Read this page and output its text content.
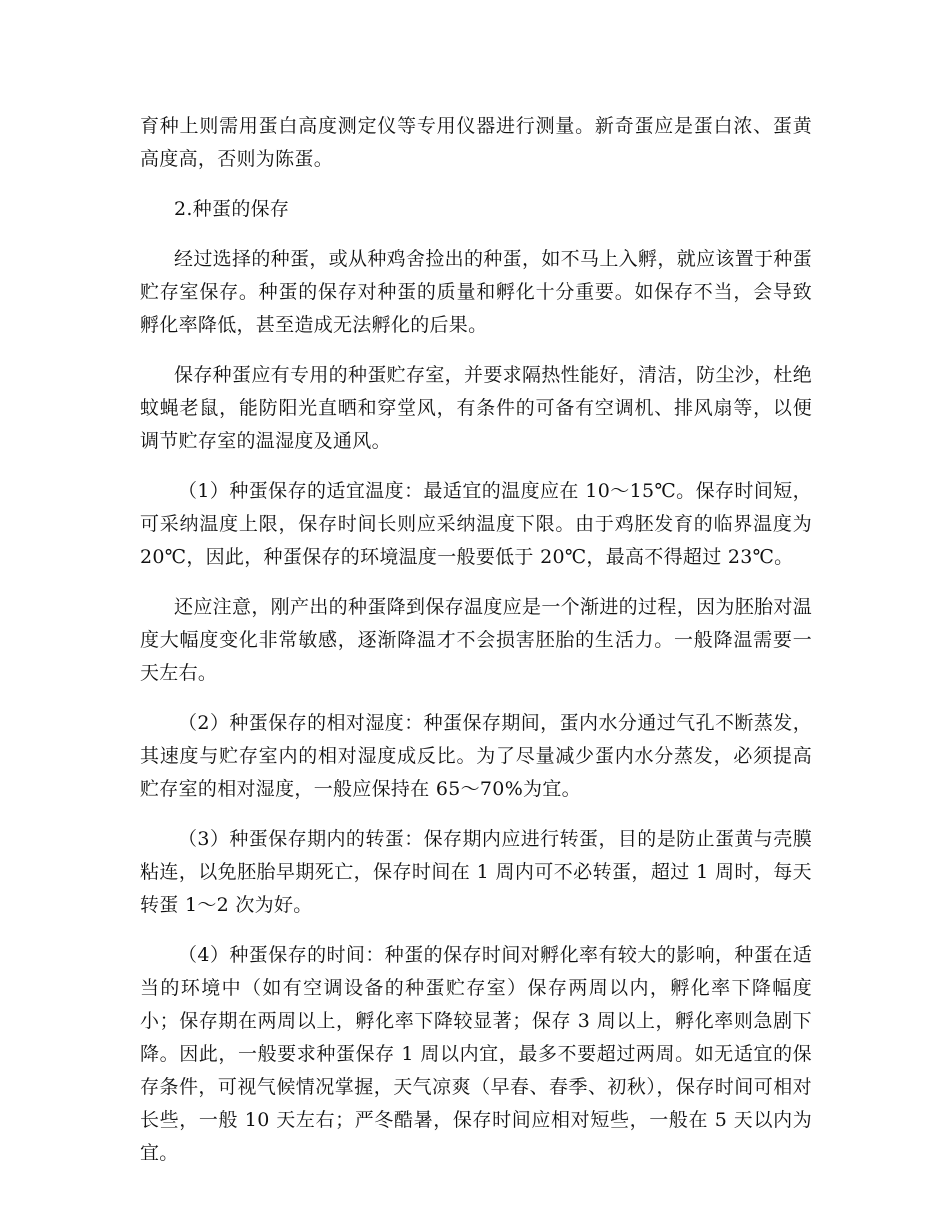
育种上则需用蛋白高度测定仪等专用仪器进行测量。新奇蛋应是蛋白浓、蛋黄高度高，否则为陈蛋。

2.种蛋的保存

经过选择的种蛋，或从种鸡舍捡出的种蛋，如不马上入孵，就应该置于种蛋贮存室保存。种蛋的保存对种蛋的质量和孵化十分重要。如保存不当，会导致孵化率降低，甚至造成无法孵化的后果。

保存种蛋应有专用的种蛋贮存室，并要求隔热性能好，清洁，防尘沙，杜绝蚊蝇老鼠，能防阳光直晒和穿堂风，有条件的可备有空调机、排风扇等，以便调节贮存室的温湿度及通风。

（1）种蛋保存的适宜温度：最适宜的温度应在 10～15℃。保存时间短，可采纳温度上限，保存时间长则应采纳温度下限。由于鸡胚发育的临界温度为 20℃，因此，种蛋保存的环境温度一般要低于 20℃，最高不得超过 23℃。

还应注意，刚产出的种蛋降到保存温度应是一个渐进的过程，因为胚胎对温度大幅度变化非常敏感，逐渐降温才不会损害胚胎的生活力。一般降温需要一天左右。

（2）种蛋保存的相对湿度：种蛋保存期间，蛋内水分通过气孔不断蒸发，其速度与贮存室内的相对湿度成反比。为了尽量减少蛋内水分蒸发，必须提高贮存室的相对湿度，一般应保持在 65～70%为宜。

（3）种蛋保存期内的转蛋：保存期内应进行转蛋，目的是防止蛋黄与壳膜粘连，以免胚胎早期死亡，保存时间在 1 周内可不必转蛋，超过 1 周时，每天转蛋 1～2 次为好。

（4）种蛋保存的时间：种蛋的保存时间对孵化率有较大的影响，种蛋在适当的环境中（如有空调设备的种蛋贮存室）保存两周以内，孵化率下降幅度小；保存期在两周以上，孵化率下降较显著；保存 3 周以上，孵化率则急剧下降。因此，一般要求种蛋保存 1 周以内宜，最多不要超过两周。如无适宜的保存条件，可视气候情况掌握，天气凉爽（早春、春季、初秋），保存时间可相对长些，一般 10 天左右；严冬酷暑，保存时间应相对短些，一般在 5 天以内为宜。
